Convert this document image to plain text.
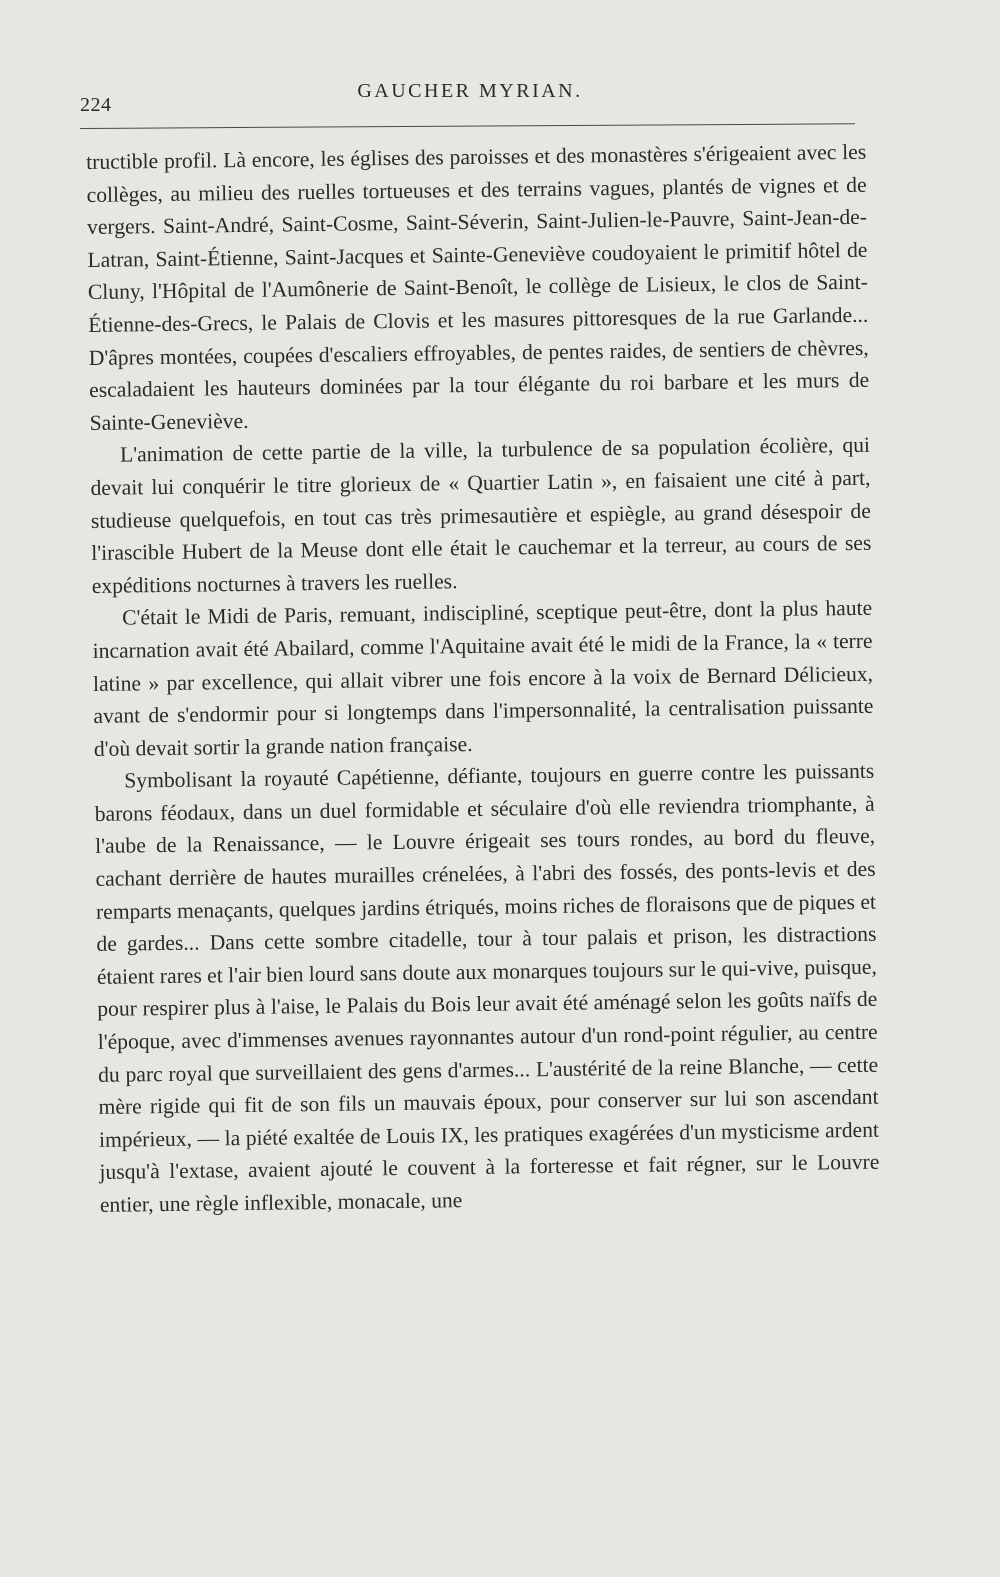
224
GAUCHER MYRIAN.

tructible profil. Là encore, les églises des paroisses et des monastères s'érigeaient avec les collèges, au milieu des ruelles tortueuses et des terrains vagues, plantés de vignes et de vergers. Saint-André, Saint-Cosme, Saint-Séverin, Saint-Julien-le-Pauvre, Saint-Jean-de-Latran, Saint-Étienne, Saint-Jacques et Sainte-Geneviève coudoyaient le primitif hôtel de Cluny, l'Hôpital de l'Aumônerie de Saint-Benoît, le collège de Lisieux, le clos de Saint-Étienne-des-Grecs, le Palais de Clovis et les masures pittoresques de la rue Garlande... D'âpres montées, coupées d'escaliers effroyables, de pentes raides, de sentiers de chèvres, escaladaient les hauteurs dominées par la tour élégante du roi barbare et les murs de Sainte-Geneviève.

L'animation de cette partie de la ville, la turbulence de sa population écolière, qui devait lui conquérir le titre glorieux de « Quartier Latin », en faisaient une cité à part, studieuse quelquefois, en tout cas très primesautière et espiègle, au grand désespoir de l'irascible Hubert de la Meuse dont elle était le cauchemar et la terreur, au cours de ses expéditions nocturnes à travers les ruelles.

C'était le Midi de Paris, remuant, indiscipliné, sceptique peut-être, dont la plus haute incarnation avait été Abailard, comme l'Aquitaine avait été le midi de la France, la « terre latine » par excellence, qui allait vibrer une fois encore à la voix de Bernard Délicieux, avant de s'endormir pour si longtemps dans l'impersonnalité, la centralisation puissante d'où devait sortir la grande nation française.

Symbolisant la royauté Capétienne, défiante, toujours en guerre contre les puissants barons féodaux, dans un duel formidable et séculaire d'où elle reviendra triomphante, à l'aube de la Renaissance, — le Louvre érigeait ses tours rondes, au bord du fleuve, cachant derrière de hautes murailles crénelées, à l'abri des fossés, des ponts-levis et des remparts menaçants, quelques jardins étriqués, moins riches de floraisons que de piques et de gardes... Dans cette sombre citadelle, tour à tour palais et prison, les distractions étaient rares et l'air bien lourd sans doute aux monarques toujours sur le qui-vive, puisque, pour respirer plus à l'aise, le Palais du Bois leur avait été aménagé selon les goûts naïfs de l'époque, avec d'immenses avenues rayonnantes autour d'un rond-point régulier, au centre du parc royal que surveillaient des gens d'armes... L'austérité de la reine Blanche, — cette mère rigide qui fit de son fils un mauvais époux, pour conserver sur lui son ascendant impérieux, — la piété exaltée de Louis IX, les pratiques exagérées d'un mysticisme ardent jusqu'à l'extase, avaient ajouté le couvent à la forteresse et fait régner, sur le Louvre entier, une règle inflexible, monacale, une
